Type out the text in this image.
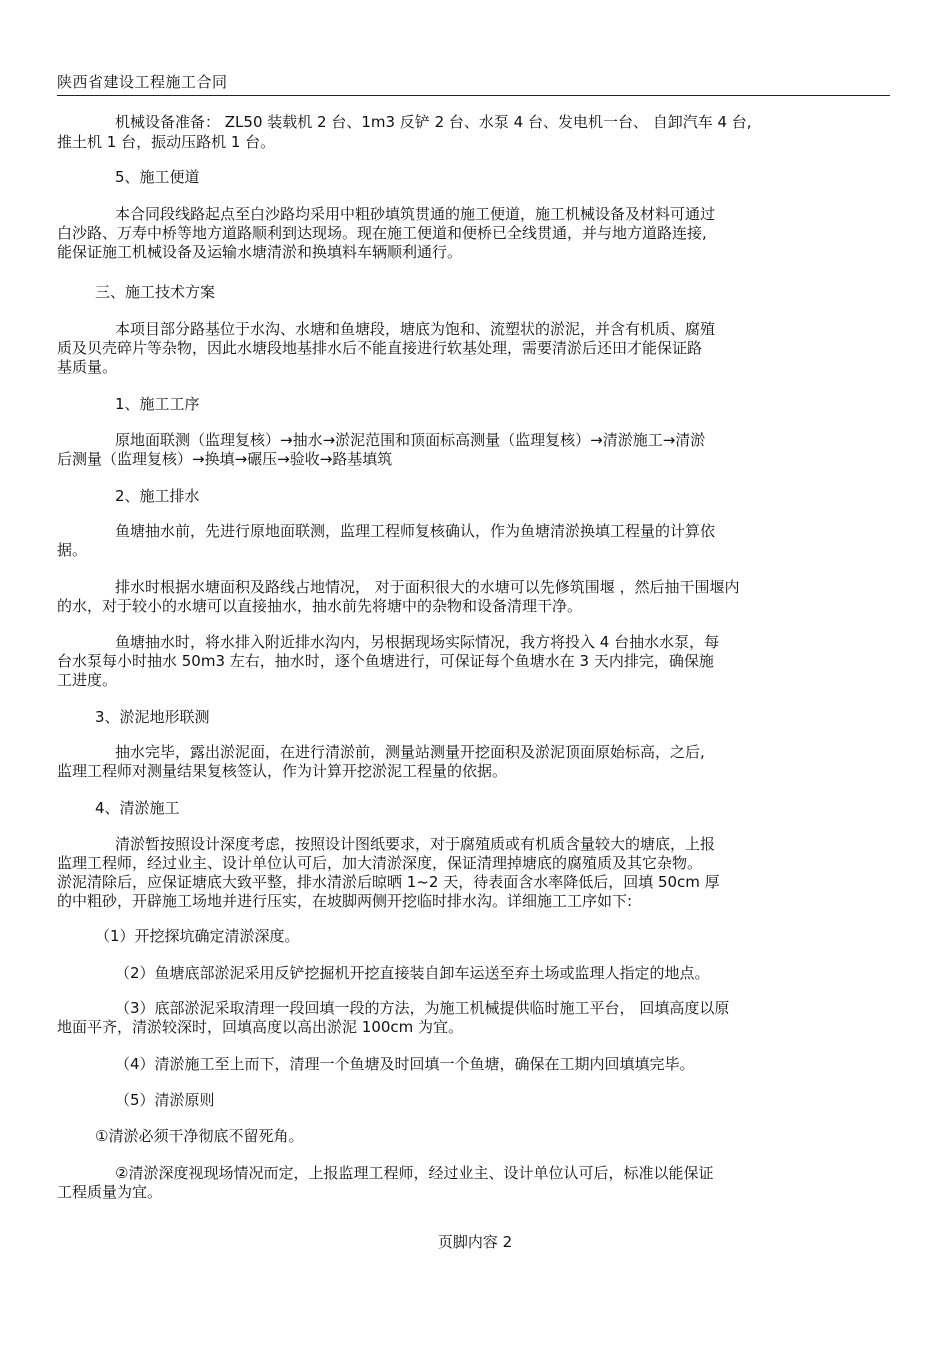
陕西省建设工程施工合同
机械设备准备： ZL50 装载机 2 台、1m3 反铲 2 台、水泵 4 台、发电机一台、 自卸汽车 4 台,
推土机 1 台，振动压路机 1 台。
5、施工便道
本合同段线路起点至白沙路均采用中粗砂填筑贯通的施工便道，施工机械设备及材料可通过
白沙路、万寿中桥等地方道路顺利到达现场。现在施工便道和便桥已全线贯通，并与地方道路连接,
能保证施工机械设备及运输水塘清淤和换填料车辆顺利通行。
三、施工技术方案
本项目部分路基位于水沟、水塘和鱼塘段，塘底为饱和、流塑状的淤泥，并含有机质、腐殖
质及贝壳碎片等杂物，因此水塘段地基排水后不能直接进行软基处理，需要清淤后还田才能保证路
基质量。
1、施工工序
原地面联测（监理复核）→抽水→淤泥范围和顶面标高测量（监理复核）→清淤施工→清淤
后测量（监理复核）→换填→碾压→验收→路基填筑
2、施工排水
鱼塘抽水前，先进行原地面联测，监理工程师复核确认，作为鱼塘清淤换填工程量的计算依
据。
排水时根据水塘面积及路线占地情况， 对于面积很大的水塘可以先修筑围堰 ，然后抽干围堰内
的水，对于较小的水塘可以直接抽水，抽水前先将塘中的杂物和设备清理干净。
鱼塘抽水时，将水排入附近排水沟内，另根据现场实际情况，我方将投入 4 台抽水水泵，每
台水泵每小时抽水 50m3 左右，抽水时，逐个鱼塘进行，可保证每个鱼塘水在 3 天内排完，确保施
工进度。
3、淤泥地形联测
抽水完毕，露出淤泥面，在进行清淤前，测量站测量开挖面积及淤泥顶面原始标高，之后,
监理工程师对测量结果复核签认，作为计算开挖淤泥工程量的依据。
4、清淤施工
清淤暂按照设计深度考虑，按照设计图纸要求，对于腐殖质或有机质含量较大的塘底，上报
监理工程师，经过业主、设计单位认可后，加大清淤深度，保证清理掉塘底的腐殖质及其它杂物。
淤泥清除后，应保证塘底大致平整，排水清淤后晾晒 1~2 天，待表面含水率降低后，回填 50cm 厚
的中粗砂，开辟施工场地并进行压实，在坡脚两侧开挖临时排水沟。详细施工工序如下:
（1）开挖探坑确定清淤深度。
（2）鱼塘底部淤泥采用反铲挖掘机开挖直接装自卸车运送至弃土场或监理人指定的地点。
（3）底部淤泥采取清理一段回填一段的方法，为施工机械提供临时施工平台， 回填高度以原
地面平齐，清淤较深时，回填高度以高出淤泥 100cm 为宜。
（4）清淤施工至上而下，清理一个鱼塘及时回填一个鱼塘，确保在工期内回填填完毕。
（5）清淤原则
①清淤必须干净彻底不留死角。
②清淤深度视现场情况而定，上报监理工程师，经过业主、设计单位认可后，标准以能保证
工程质量为宜。
页脚内容 2
